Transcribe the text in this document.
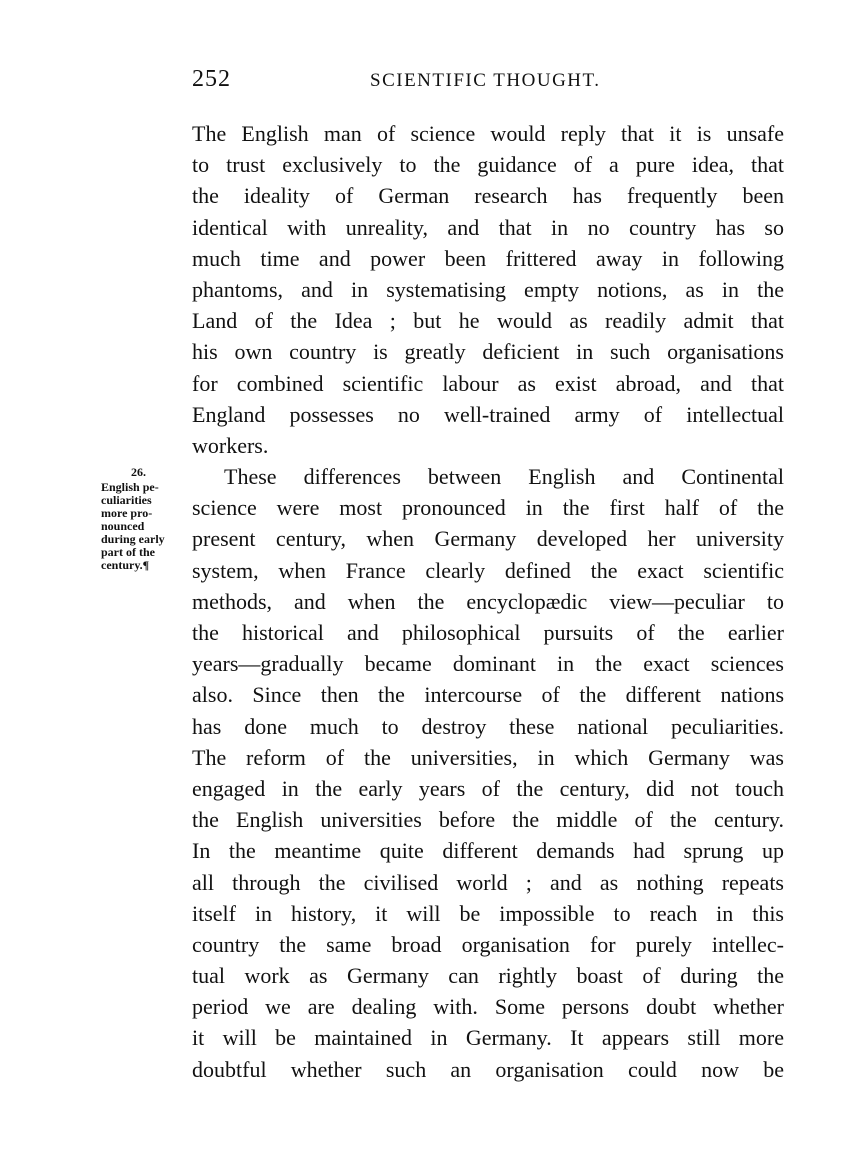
252	SCIENTIFIC THOUGHT.
26.
English pe-
culiarities
more pro-
nounced
during early
part of the
century.¶
The English man of science would reply that it is unsafe
to trust exclusively to the guidance of a pure idea, that
the ideality of German research has frequently been
identical with unreality, and that in no country has so
much time and power been frittered away in following
phantoms, and in systematising empty notions, as in the
Land of the Idea ; but he would as readily admit that
his own country is greatly deficient in such organisations
for combined scientific labour as exist abroad, and that
England possesses no well-trained army of intellectual
workers.
These differences between English and Continental
science were most pronounced in the first half of the
present century, when Germany developed her university
system, when France clearly defined the exact scientific
methods, and when the encyclopædic view—peculiar to
the historical and philosophical pursuits of the earlier
years—gradually became dominant in the exact sciences
also. Since then the intercourse of the different nations
has done much to destroy these national peculiarities.
The reform of the universities, in which Germany was
engaged in the early years of the century, did not touch
the English universities before the middle of the century.
In the meantime quite different demands had sprung up
all through the civilised world ; and as nothing repeats
itself in history, it will be impossible to reach in this
country the same broad organisation for purely intellec-
tual work as Germany can rightly boast of during the
period we are dealing with. Some persons doubt whether
it will be maintained in Germany. It appears still more
doubtful whether such an organisation could now be
